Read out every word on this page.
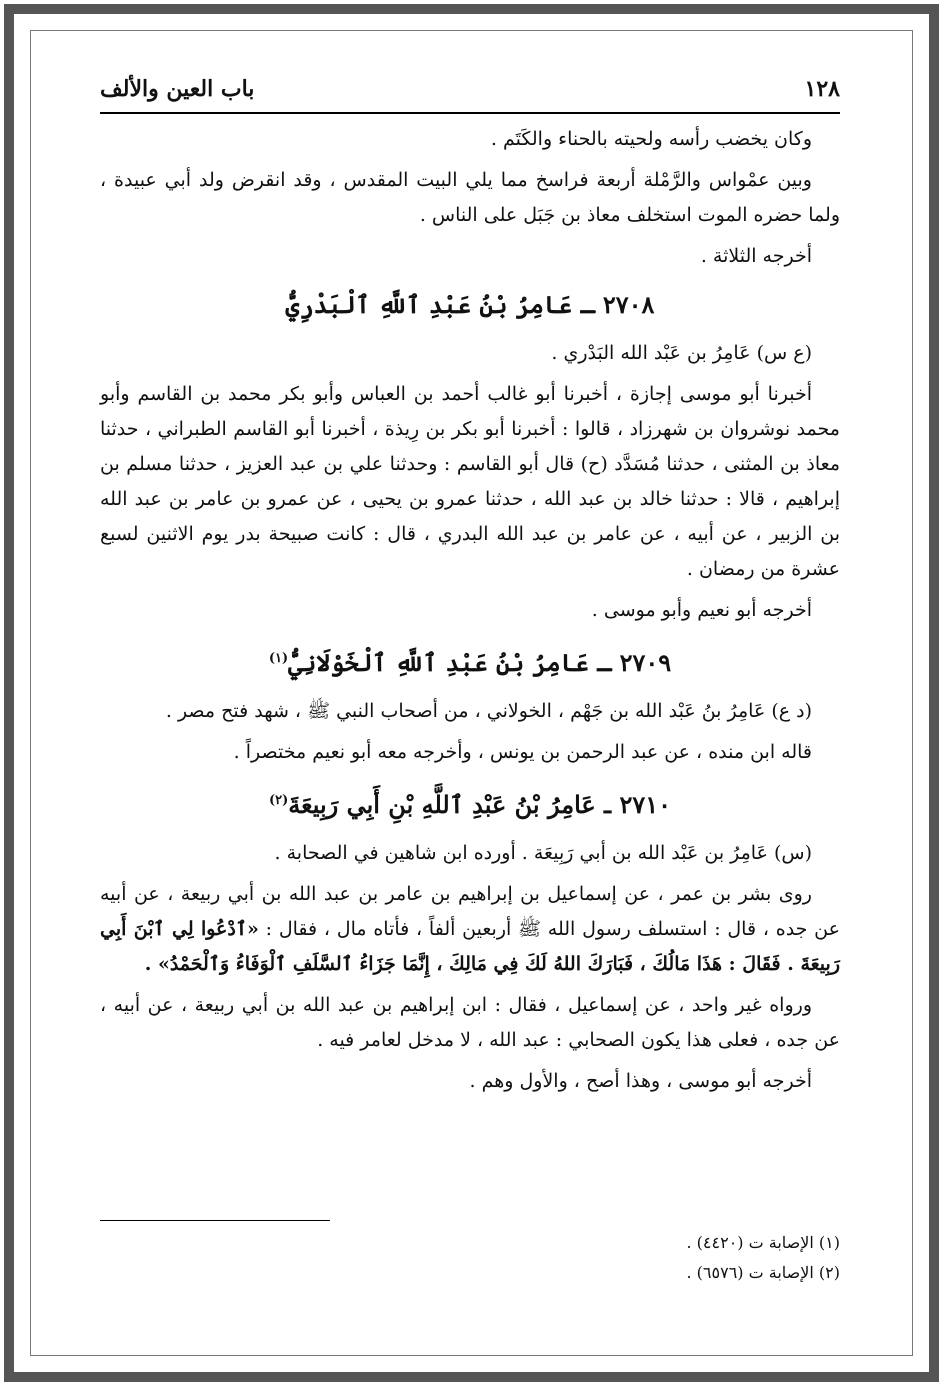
١٢٨
باب العين والألف

وكان يخضب رأسه ولحيته بالحناء والكَتَم .

وبين عمْواس والرَّمْلة أربعة فراسخ مما يلي البيت المقدس ، وقد انقرض ولد أبي عبيدة ، ولما حضره الموت استخلف معاذ بن جَبَل على الناس .

أخرجه الثلاثة .

٢٧٠٨ ـ عَامِرُ بْنُ عَبْدِ ٱللَّهِ ٱلْبَدْرِيُّ

(ع س) عَامِرُ بن عَبْد الله البَدْري .

أخبرنا أبو موسى إجازة ، أخبرنا أبو غالب أحمد بن العباس وأبو بكر محمد بن القاسم وأبو محمد نوشروان بن شهرزاد ، قالوا : أخبرنا أبو بكر بن رِيذة ، أخبرنا أبو القاسم الطبراني ، حدثنا معاذ بن المثنى ، حدثنا مُسَدَّد (ح) قال أبو القاسم : وحدثنا علي بن عبد العزيز ، حدثنا مسلم بن إبراهيم ، قالا : حدثنا خالد بن عبد الله ، حدثنا عمرو بن يحيى ، عن عمرو بن عامر بن عبد الله بن الزبير ، عن أبيه ، عن عامر بن عبد الله البدري ، قال : كانت صبيحة بدر يوم الاثنين لسبع عشرة من رمضان .

أخرجه أبو نعيم وأبو موسى .

٢٧٠٩ ـ عَامِرُ بْنُ عَبْدِ ٱللَّهِ ٱلْخَوْلَانِيُّ$^{(١)}$

(د ع) عَامِرُ بنُ عَبْد الله بن جَهْم ، الخولاني ، من أصحاب النبي ﷺ ، شهد فتح مصر .

قاله ابن منده ، عن عبد الرحمن بن يونس ، وأخرجه معه أبو نعيم مختصراً .

٢٧١٠ ـ عَامِرُ بْنُ عَبْدِ ٱللَّهِ بْنِ أَبِي رَبِيعَةَ$^{(٢)}$

(س) عَامِرُ بن عَبْد الله بن أبي رَبِيعَة . أورده ابن شاهين في الصحابة .

روى بشر بن عمر ، عن إسماعيل بن إبراهيم بن عامر بن عبد الله بن أبي ربيعة ، عن أبيه عن جده ، قال : استسلف رسول الله ﷺ أربعين ألفاً ، فأتاه مال ، فقال : «ٱدْعُوا لِي ٱبْنَ أَبِي رَبِيعَةَ . فَقَالَ : هَذَا مَالُكَ ، فَبَارَكَ اللهُ لَكَ فِي مَالِكَ ، إِنَّمَا جَزَاءُ ٱلسَّلَفِ ٱلْوَفَاءُ وَٱلْحَمْدُ» .

ورواه غير واحد ، عن إسماعيل ، فقال : ابن إبراهيم بن عبد الله بن أبي ربيعة ، عن أبيه ، عن جده ، فعلى هذا يكون الصحابي : عبد الله ، لا مدخل لعامر فيه .

أخرجه أبو موسى ، وهذا أصح ، والأول وهم .

(١) الإصابة ت (٤٤٢٠) .
(٢) الإصابة ت (٦٥٧٦) .
